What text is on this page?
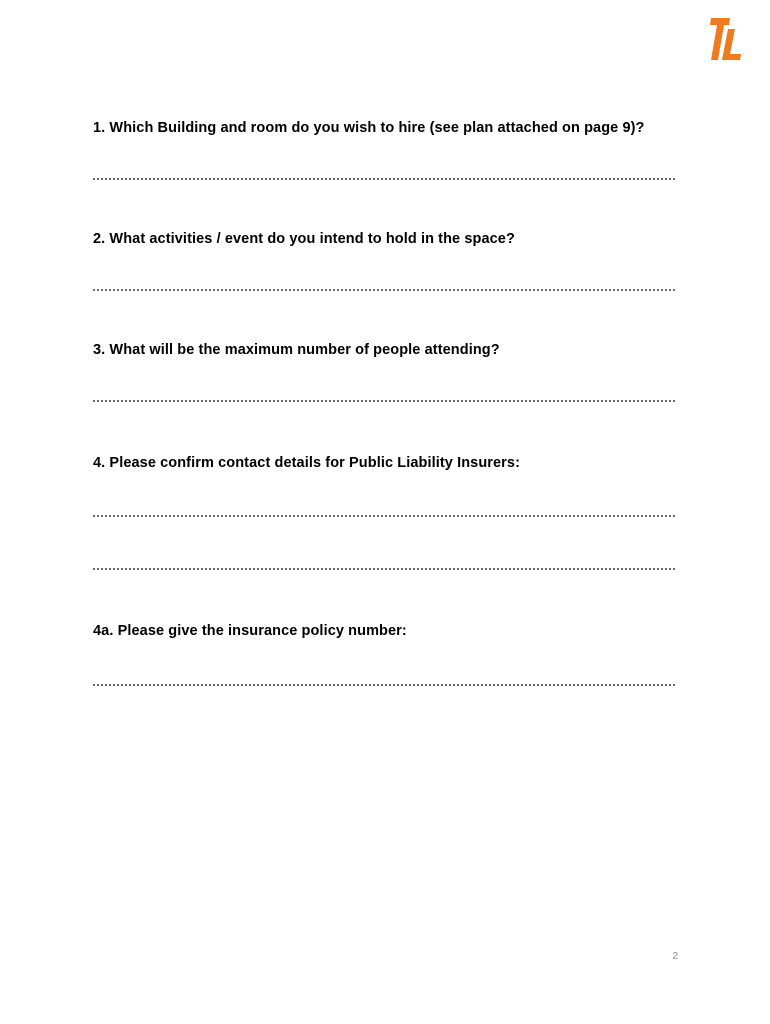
1. Which Building and room do you wish to hire (see plan attached on page 9)?
2. What activities / event do you intend to hold in the space?
3. What will be the maximum number of people attending?
4. Please confirm contact details for Public Liability Insurers:
4a. Please give the insurance policy number:
2
